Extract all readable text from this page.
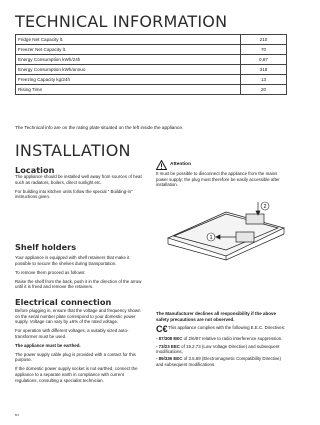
TECHNICAL INFORMATION
Fridge Net Capacity lt.	210
Freezer Net Capacity lt.	70
Energy Consumption kWh/24h	0,87
Energy Consumption kWh/annuo	318
Freezing Capacity kg/24h	13
Rising Time	20
The Technical info are on the rating plate situated on the left inside the appliance.
INSTALLATION
Location

The appliance should be installed well away from sources of heat such as radiators, boilers, direct sunlight etc.

For building into kitchen units follow the special " Building-in" instructions given.

Shelf holders

Your appliance is equipped with shelf retainers that make it possible to secure the shelves during transportation.

To remove them proceed as follows:

Raise the shelf from the back, push it in the direction of the arrow until it is freed and remove the retainers.

Electrical connection

Before plugging in, ensure that the voltage and frequency shown on the serial number plate correspond to your domestic power supply. Voltage can vary by ±6% of the rated voltage.

For operation with different voltages, a suitably sized auto-transformer must be used.

The appliance must be earthed.

The power supply cable plug is provided with a contact for this purpose.

If the domestic power supply socket is not earthed, connect the appliance to a separate earth in compliance with current regulations, consulting a specialist technician.

Attention
It must be possible to disconnect the appliance from the mains power supply; the plug must therefore be easily accessible after installation.
2
1
The Manufacturer declines all responsibility if the above safety precautions are not observed.
C€ This appliance complies with the following E.E.C. Directives:
- 87/308 EEC of 2/6/87 relative to radio interference suppression.
- 73/23 EEC of 19.2.73 (Low Voltage Directive) and subsequent modifications,
- 89/336 EEC of 3.5.89 (Electromagnetic Compatibility Directive) and subsequent modifications.
ru
